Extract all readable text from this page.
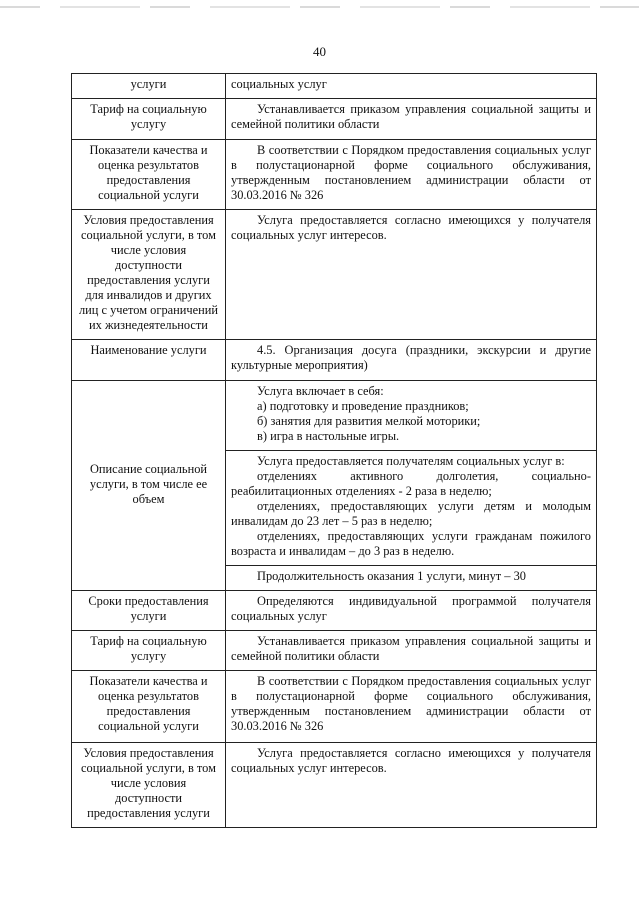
40
услуги	социальных услуг

Тариф на социальную услугу	Устанавливается приказом управления социальной защиты и семейной политики области

Показатели качества и оценка результатов предоставления социальной услуги	В соответствии с Порядком предоставления социальных услуг в полустационарной форме социального обслуживания, утвержденным постановлением администрации области от 30.03.2016 № 326

Условия предоставления социальной услуги, в том числе условия доступности предоставления услуги для инвалидов и других лиц с учетом ограничений их жизнедеятельности	Услуга предоставляется согласно имеющихся у получателя социальных услуг интересов.

Наименование услуги	4.5. Организация досуга (праздники, экскурсии и другие культурные мероприятия)

Описание социальной услуги, в том числе ее объем	Услуга включает в себя:

а) подготовку и проведение праздников;

б) занятия для развития мелкой моторики;

в) игра в настольные игры.

	Услуга предоставляется получателям социальных услуг в:

отделениях активного долголетия, социально-реабилитационных отделениях - 2 раза в неделю;

отделениях, предоставляющих услуги детям и молодым инвалидам до 23 лет – 5 раз в неделю;

отделениях, предоставляющих услуги гражданам пожилого возраста и инвалидам – до 3 раз в неделю.

	Продолжительность оказания 1 услуги, минут – 30

Сроки предоставления услуги	Определяются индивидуальной программой получателя социальных услуг

Тариф на социальную услугу	Устанавливается приказом управления социальной защиты и семейной политики области

Показатели качества и оценка результатов предоставления социальной услуги	В соответствии с Порядком предоставления социальных услуг в полустационарной форме социального обслуживания, утвержденным постановлением администрации области от 30.03.2016 № 326

Условия предоставления социальной услуги, в том числе условия доступности предоставления услуги	Услуга предоставляется согласно имеющихся у получателя социальных услуг интересов.
